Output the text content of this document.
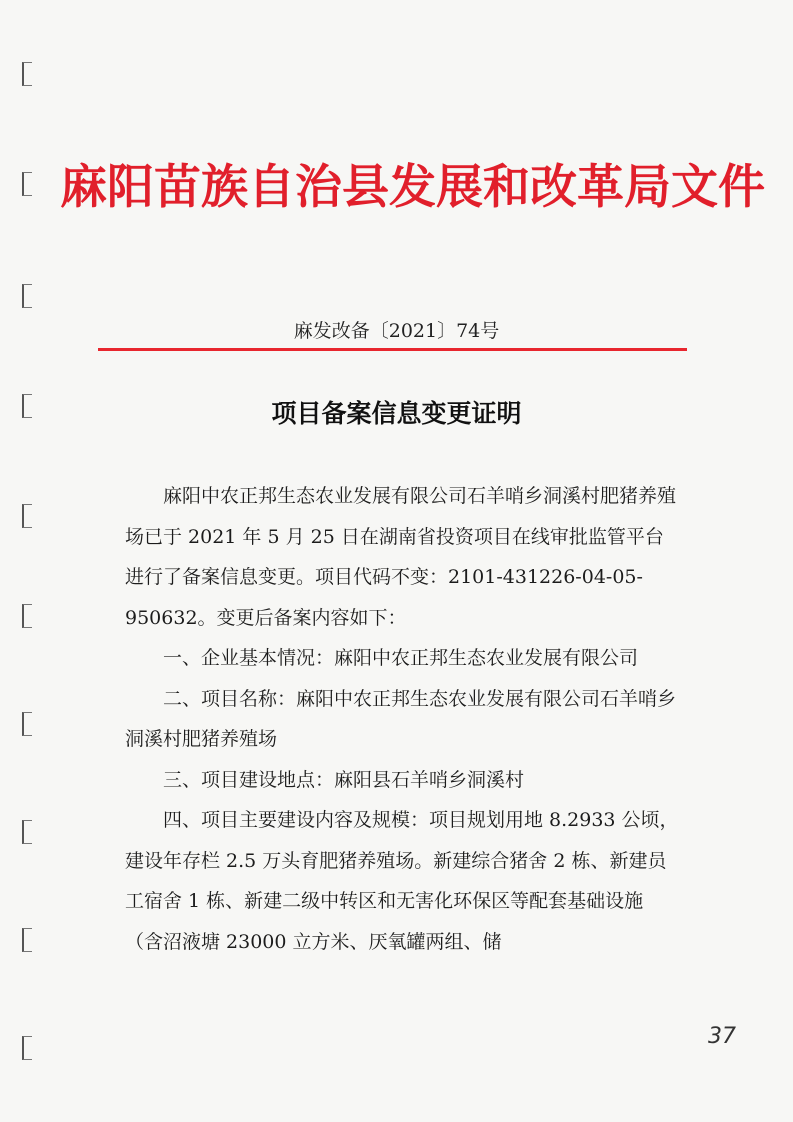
麻阳苗族自治县发展和改革局文件
麻发改备〔2021〕74号
项目备案信息变更证明

麻阳中农正邦生态农业发展有限公司石羊哨乡洞溪村肥猪养殖场已于 2021 年 5 月 25 日在湖南省投资项目在线审批监管平台进行了备案信息变更。项目代码不变：2101-431226-04-05-950632。变更后备案内容如下：

一、企业基本情况：麻阳中农正邦生态农业发展有限公司

二、项目名称：麻阳中农正邦生态农业发展有限公司石羊哨乡洞溪村肥猪养殖场

三、项目建设地点：麻阳县石羊哨乡洞溪村

四、项目主要建设内容及规模：项目规划用地 8.2933 公顷，建设年存栏 2.5 万头育肥猪养殖场。新建综合猪舍 2 栋、新建员工宿舍 1 栋、新建二级中转区和无害化环保区等配套基础设施（含沼液塘 23000 立方米、厌氧罐两组、储

37
